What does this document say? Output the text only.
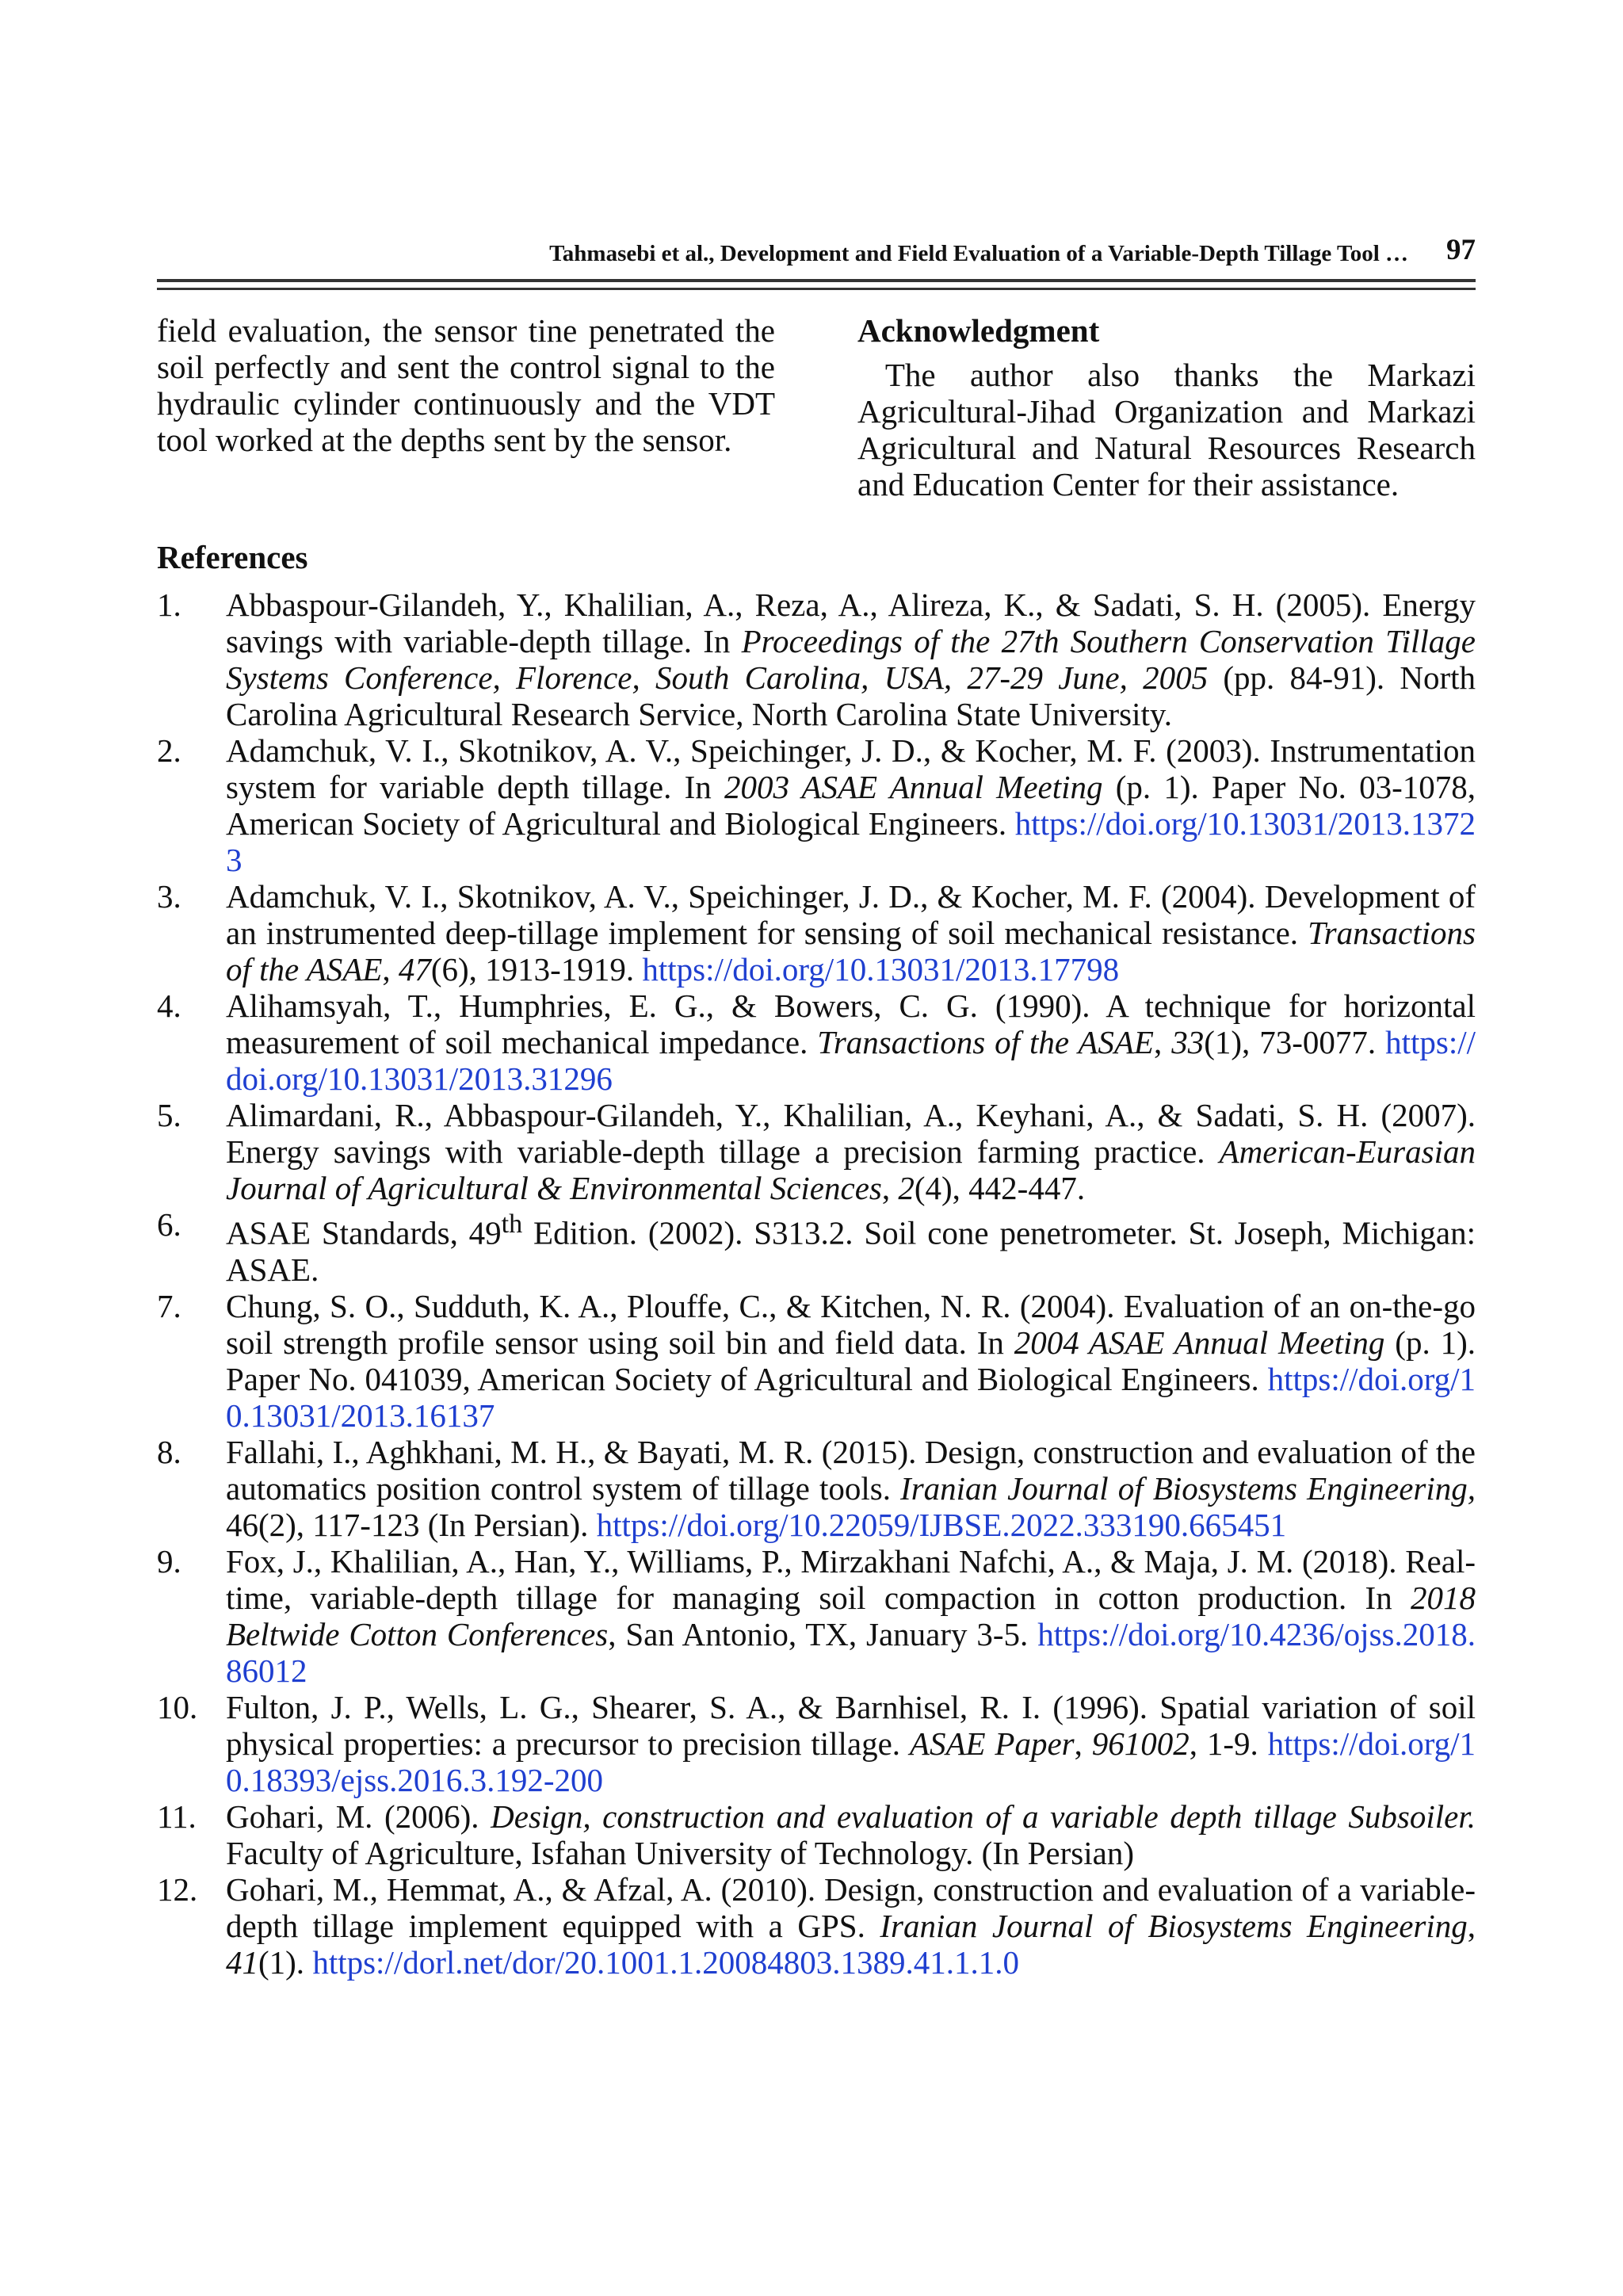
Tahmasebi et al., Development and Field Evaluation of a Variable-Depth Tillage Tool … 97

field evaluation, the sensor tine penetrated the soil perfectly and sent the control signal to the hydraulic cylinder continuously and the VDT tool worked at the depths sent by the sensor.

Acknowledgment

The author also thanks the Markazi Agricultural-Jihad Organization and Markazi Agricultural and Natural Resources Research and Education Center for their assistance.

References
1. Abbaspour-Gilandeh, Y., Khalilian, A., Reza, A., Alireza, K., & Sadati, S. H. (2005). Energy savings with variable-depth tillage. In Proceedings of the 27th Southern Conservation Tillage Systems Conference, Florence, South Carolina, USA, 27-29 June, 2005 (pp. 84-91). North Carolina Agricultural Research Service, North Carolina State University.
2. Adamchuk, V. I., Skotnikov, A. V., Speichinger, J. D., & Kocher, M. F. (2003). Instrumentation system for variable depth tillage. In 2003 ASAE Annual Meeting (p. 1). Paper No. 03-1078, American Society of Agricultural and Biological Engineers. https://doi.org/10.13031/2013.13723
3. Adamchuk, V. I., Skotnikov, A. V., Speichinger, J. D., & Kocher, M. F. (2004). Development of an instrumented deep-tillage implement for sensing of soil mechanical resistance. Transactions of the ASAE, 47(6), 1913-1919. https://doi.org/10.13031/2013.17798
4. Alihamsyah, T., Humphries, E. G., & Bowers, C. G. (1990). A technique for horizontal measurement of soil mechanical impedance. Transactions of the ASAE, 33(1), 73-0077. https://doi.org/10.13031/2013.31296
5. Alimardani, R., Abbaspour-Gilandeh, Y., Khalilian, A., Keyhani, A., & Sadati, S. H. (2007). Energy savings with variable-depth tillage a precision farming practice. American-Eurasian Journal of Agricultural & Environmental Sciences, 2(4), 442-447.
6. ASAE Standards, 49th Edition. (2002). S313.2. Soil cone penetrometer. St. Joseph, Michigan: ASAE.
7. Chung, S. O., Sudduth, K. A., Plouffe, C., & Kitchen, N. R. (2004). Evaluation of an on-the-go soil strength profile sensor using soil bin and field data. In 2004 ASAE Annual Meeting (p. 1). Paper No. 041039, American Society of Agricultural and Biological Engineers. https://doi.org/10.13031/2013.16137
8. Fallahi, I., Aghkhani, M. H., & Bayati, M. R. (2015). Design, construction and evaluation of the automatics position control system of tillage tools. Iranian Journal of Biosystems Engineering, 46(2), 117-123 (In Persian). https://doi.org/10.22059/IJBSE.2022.333190.665451
9. Fox, J., Khalilian, A., Han, Y., Williams, P., Mirzakhani Nafchi, A., & Maja, J. M. (2018). Real-time, variable-depth tillage for managing soil compaction in cotton production. In 2018 Beltwide Cotton Conferences, San Antonio, TX, January 3-5. https://doi.org/10.4236/ojss.2018.86012
10. Fulton, J. P., Wells, L. G., Shearer, S. A., & Barnhisel, R. I. (1996). Spatial variation of soil physical properties: a precursor to precision tillage. ASAE Paper, 961002, 1-9. https://doi.org/10.18393/ejss.2016.3.192-200
11. Gohari, M. (2006). Design, construction and evaluation of a variable depth tillage Subsoiler. Faculty of Agriculture, Isfahan University of Technology. (In Persian)
12. Gohari, M., Hemmat, A., & Afzal, A. (2010). Design, construction and evaluation of a variable-depth tillage implement equipped with a GPS. Iranian Journal of Biosystems Engineering, 41(1). https://dorl.net/dor/20.1001.1.20084803.1389.41.1.1.0
